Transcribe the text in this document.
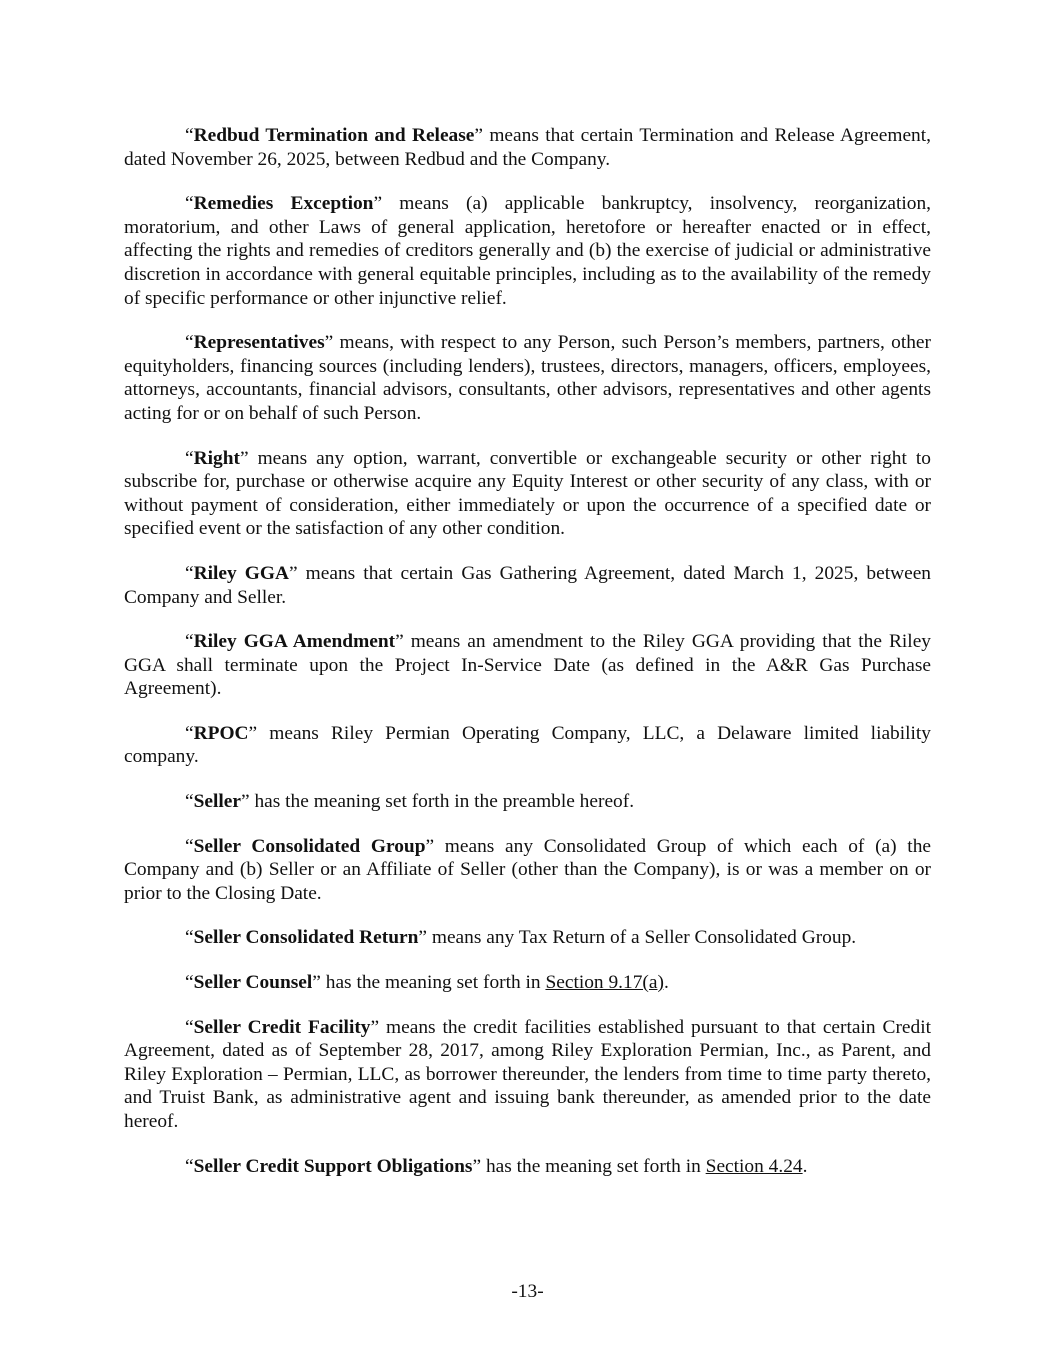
“Redbud Termination and Release” means that certain Termination and Release Agreement, dated November 26, 2025, between Redbud and the Company.

“Remedies Exception” means (a) applicable bankruptcy, insolvency, reorganization, moratorium, and other Laws of general application, heretofore or hereafter enacted or in effect, affecting the rights and remedies of creditors generally and (b) the exercise of judicial or administrative discretion in accordance with general equitable principles, including as to the availability of the remedy of specific performance or other injunctive relief.

“Representatives” means, with respect to any Person, such Person’s members, partners, other equityholders, financing sources (including lenders), trustees, directors, managers, officers, employees, attorneys, accountants, financial advisors, consultants, other advisors, representatives and other agents acting for or on behalf of such Person.

“Right” means any option, warrant, convertible or exchangeable security or other right to subscribe for, purchase or otherwise acquire any Equity Interest or other security of any class, with or without payment of consideration, either immediately or upon the occurrence of a specified date or specified event or the satisfaction of any other condition.

“Riley GGA” means that certain Gas Gathering Agreement, dated March 1, 2025, between Company and Seller.

“Riley GGA Amendment” means an amendment to the Riley GGA providing that the Riley GGA shall terminate upon the Project In-Service Date (as defined in the A&R Gas Purchase Agreement).

“RPOC” means Riley Permian Operating Company, LLC, a Delaware limited liability company.

“Seller” has the meaning set forth in the preamble hereof.

“Seller Consolidated Group” means any Consolidated Group of which each of (a) the Company and (b) Seller or an Affiliate of Seller (other than the Company), is or was a member on or prior to the Closing Date.

“Seller Consolidated Return” means any Tax Return of a Seller Consolidated Group.

“Seller Counsel” has the meaning set forth in Section 9.17(a).

“Seller Credit Facility” means the credit facilities established pursuant to that certain Credit Agreement, dated as of September 28, 2017, among Riley Exploration Permian, Inc., as Parent, and Riley Exploration – Permian, LLC, as borrower thereunder, the lenders from time to time party thereto, and Truist Bank, as administrative agent and issuing bank thereunder, as amended prior to the date hereof.

“Seller Credit Support Obligations” has the meaning set forth in Section 4.24.

-13-
